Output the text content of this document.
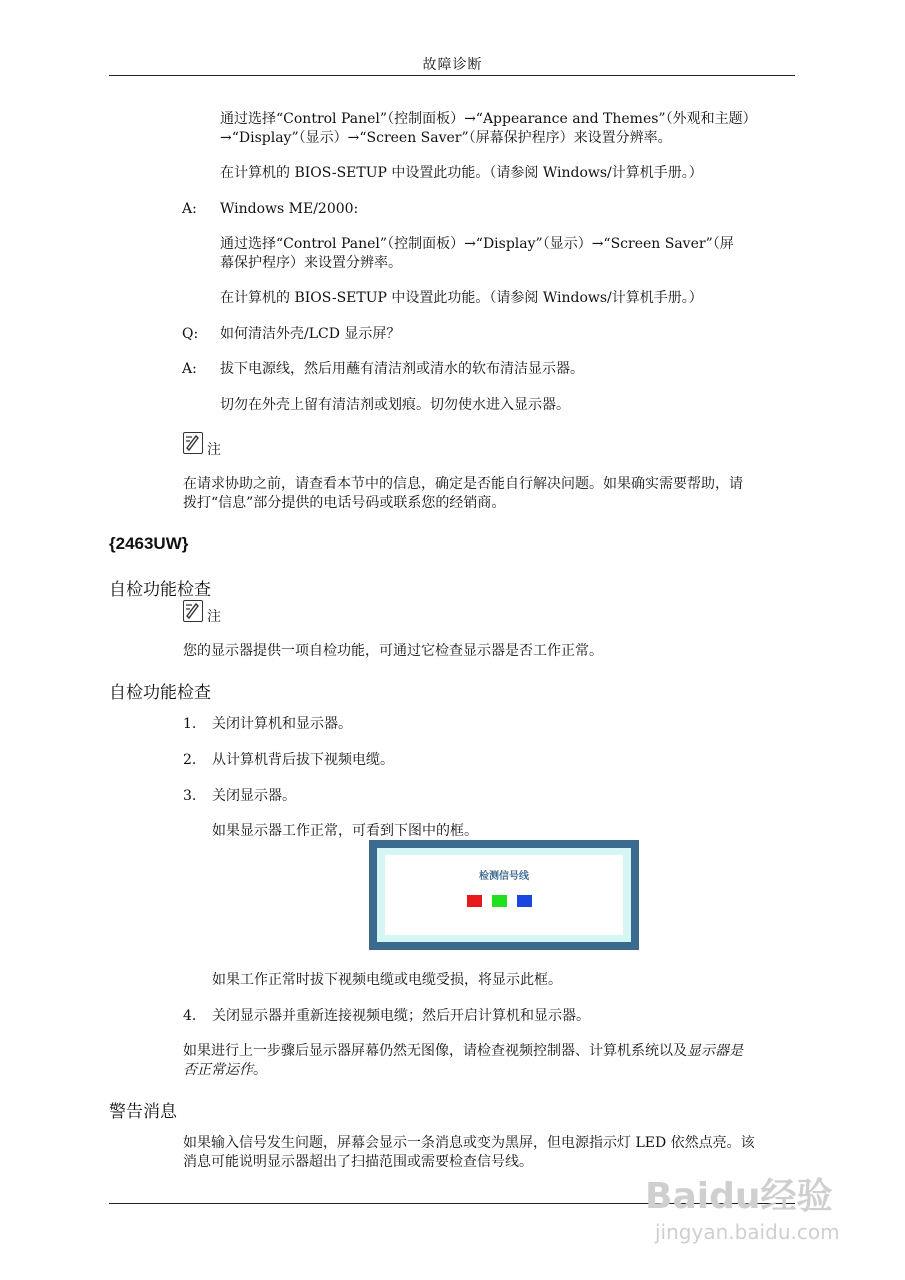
故障诊断
通过选择“Control Panel”（控制面板）→“Appearance and Themes”（外观和主题）
→“Display”（显示）→“Screen Saver”（屏幕保护程序）来设置分辨率。
在计算机的 BIOS-SETUP 中设置此功能。（请参阅 Windows/计算机手册。）
A:	Windows ME/2000:
通过选择“Control Panel”（控制面板）→“Display”（显示）→“Screen Saver”（屏
幕保护程序）来设置分辨率。
在计算机的 BIOS-SETUP 中设置此功能。（请参阅 Windows/计算机手册。）
Q:	如何清洁外壳/LCD 显示屏？
A:	拔下电源线，然后用蘸有清洁剂或清水的软布清洁显示器。
切勿在外壳上留有清洁剂或划痕。切勿使水进入显示器。
注
在请求协助之前，请查看本节中的信息，确定是否能自行解决问题。如果确实需要帮助，请
拨打“信息”部分提供的电话号码或联系您的经销商。
{2463UW}
自检功能检查
注
您的显示器提供一项自检功能，可通过它检查显示器是否工作正常。
自检功能检查
1. 关闭计算机和显示器。
2. 从计算机背后拔下视频电缆。
3. 关闭显示器。
如果显示器工作正常，可看到下图中的框。
检测信号线
如果工作正常时拔下视频电缆或电缆受损，将显示此框。
4. 关闭显示器并重新连接视频电缆；然后开启计算机和显示器。
如果进行上一步骤后显示器屏幕仍然无图像，请检查视频控制器、计算机系统以及显示器是
否正常运作。
警告消息
如果输入信号发生问题，屏幕会显示一条消息或变为黑屏，但电源指示灯 LED 依然点亮。该
消息可能说明显示器超出了扫描范围或需要检查信号线。
Baidu经验
jingyan.baidu.com
